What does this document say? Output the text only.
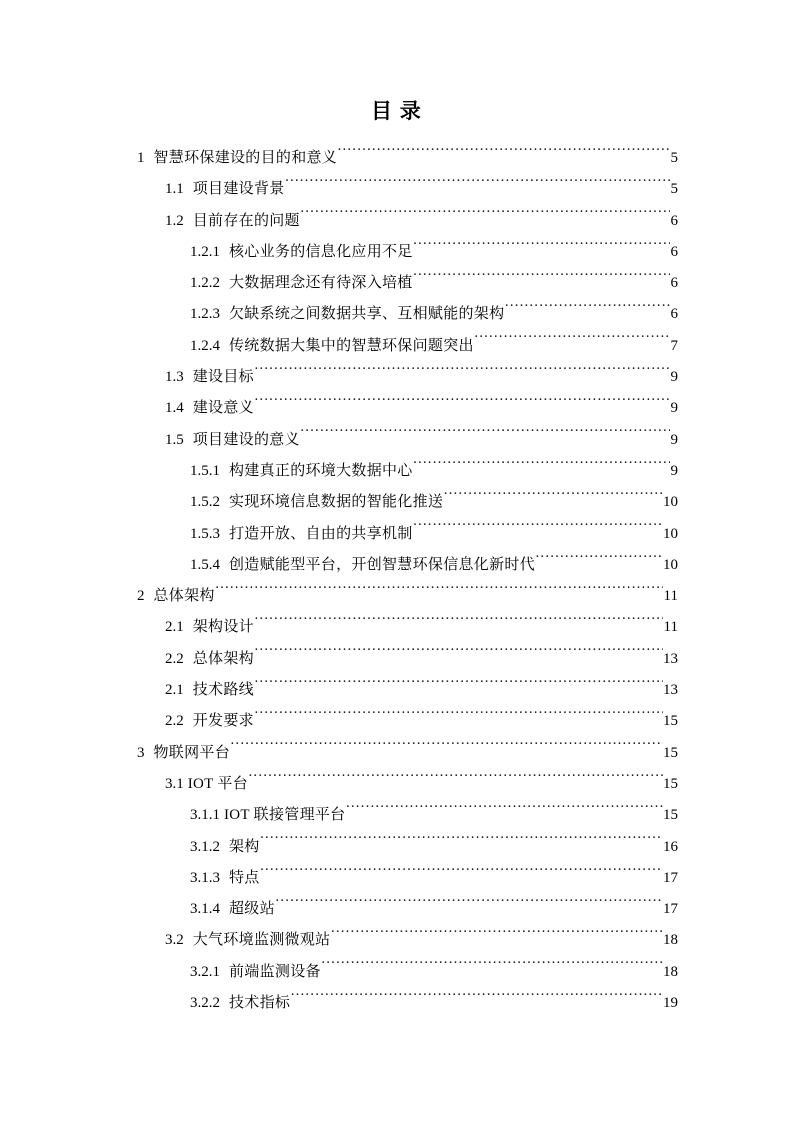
目 录
1 智慧环保建设的目的和意义 .....	5
1.1 项目建设背景 .....	5
1.2 目前存在的问题 .....	6
1.2.1 核心业务的信息化应用不足 .....	6
1.2.2 大数据理念还有待深入培植 .....	6
1.2.3 欠缺系统之间数据共享、互相赋能的架构 .....	6
1.2.4 传统数据大集中的智慧环保问题突出 .....	7
1.3 建设目标 .....	9
1.4 建设意义 .....	9
1.5 项目建设的意义 .....	9
1.5.1 构建真正的环境大数据中心 .....	9
1.5.2 实现环境信息数据的智能化推送 .....	10
1.5.3 打造开放、自由的共享机制 .....	10
1.5.4 创造赋能型平台，开创智慧环保信息化新时代 .....	10
2 总体架构 .....	11
2.1 架构设计 .....	11
2.2 总体架构 .....	13
2.1 技术路线 .....	13
2.2 开发要求 .....	15
3 物联网平台 .....	15
3.1 IOT 平台 .....	15
3.1.1 IOT 联接管理平台 .....	15
3.1.2 架构 .....	16
3.1.3 特点 .....	17
3.1.4 超级站 .....	17
3.2 大气环境监测微观站 .....	18
3.2.1 前端监测设备 .....	18
3.2.2 技术指标 .....	19
